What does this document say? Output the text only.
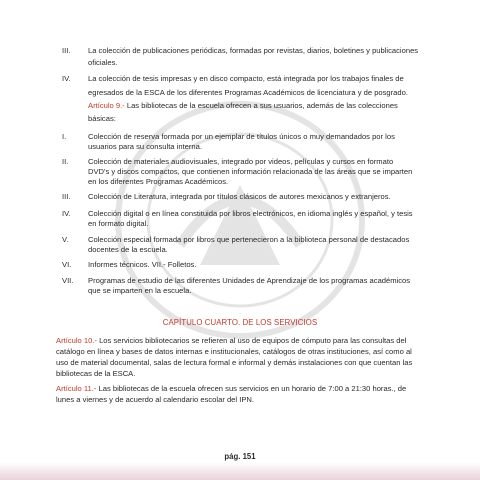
III. La colección de publicaciones periódicas, formadas por revistas, diarios, boletines y publicaciones
oficiales.
IV. La colección de tesis impresas y en disco compacto, está integrada por los trabajos finales de
egresados de la ESCA de los diferentes Programas Académicos de licenciatura y de posgrado.
Artículo 9.- Las bibliotecas de la escuela ofrecen a sus usuarios, además de las colecciones
básicas:
I.	Colección de reserva formada por un ejemplar de títulos únicos o muy demandados por los
usuarios para su consulta interna.
II.	Colección de materiales audiovisuales, integrado por videos, películas y cursos en formato
DVD's y discos compactos, que contienen información relacionada de las áreas que se imparten
en los diferentes Programas Académicos.
III. Colección de Literatura, integrada por títulos clásicos de autores mexicanos y extranjeros.
IV. Colección digital o en línea constituida por libros electrónicos, en idioma inglés y español, y tesis
en formato digital.
V.	Colección especial formada por libros que pertenecieron a la biblioteca personal de destacados
docentes de la escuela.
VI. Informes técnicos. VII.- Folletos.
VII. Programas de estudio de las diferentes Unidades de Aprendizaje de los programas académicos
que se imparten en la escuela.
CAPÍTULO CUARTO. DE LOS SERVICIOS
Artículo 10.- Los servicios bibliotecarios se refieren al uso de equipos de cómputo para las consultas del
catálogo en línea y bases de datos internas e institucionales, catálogos de otras instituciones, así como al
uso de material documental, salas de lectura formal e informal y demás instalaciones con que cuentan las
bibliotecas de la ESCA.
Artículo 11.- Las bibliotecas de la escuela ofrecen sus servicios en un horario de 7:00 a 21:30 horas., de
lunes a viernes y de acuerdo al calendario escolar del IPN.
pág. 151
